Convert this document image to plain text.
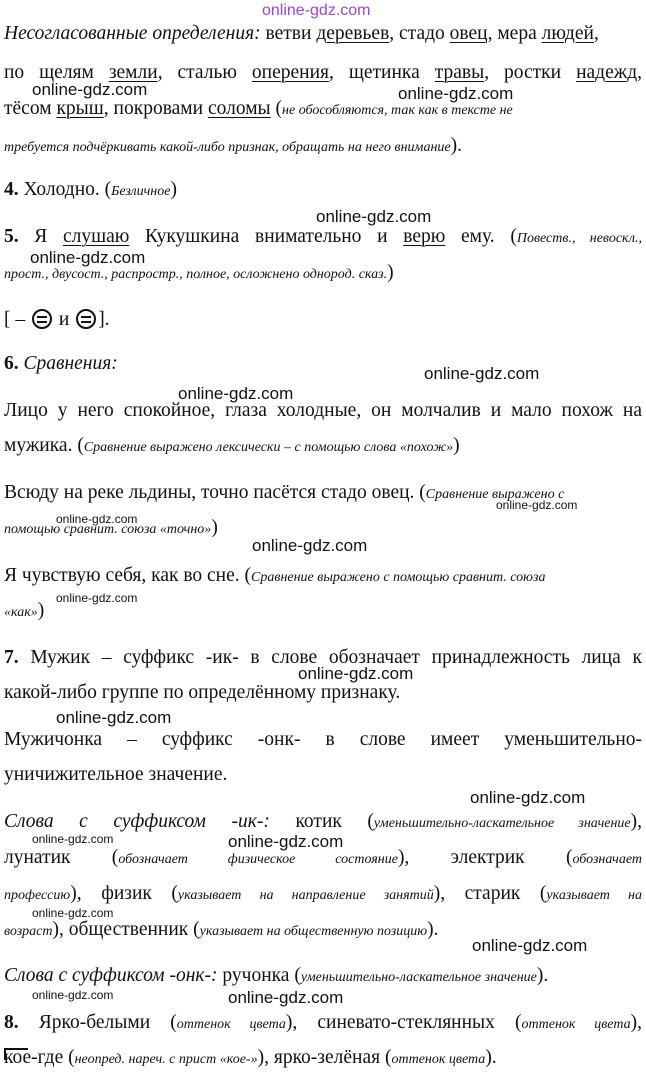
online-gdz.com
online-gdz.com	online-gdz.com
online-gdz.com
online-gdz.com
online-gdz.com
online-gdz.com
online-gdz.com
online-gdz.com
online-gdz.com
online-gdz.com
online-gdz.com
online-gdz.com
online-gdz.com
online-gdz.com	online-gdz.com
online-gdz.com
online-gdz.com
online-gdz.com	online-gdz.com
Несогласованные определения: ветви деревьев, стадо овец, мера людей,
по щелям земли, сталью оперения, щетинка травы, ростки надежд,
тёсом крыш, покровами соломы (не обособляются, так как в тексте не
требуется подчёркивать какой-либо признак, обращать на него внимание).
4. Холодно. (Безличное)
5. Я слушаю Кукушкина внимательно и верю ему. (Повеств., невоскл.,
прост., двусост., распростр., полное, осложнено однород. сказ.)
[ –  и ].
6. Сравнения:
Лицо у него спокойное, глаза холодные, он молчалив и мало похож на
мужика. (Сравнение выражено лексически – с помощью слова «похож»)
Всюду на реке льдины, точно пасётся стадо овец. (Сравнение выражено с
помощью сравнит. союза «точно»)
Я чувствую себя, как во сне. (Сравнение выражено с помощью сравнит. союза
«как»)
7. Мужик – суффикс -ик- в слове обозначает принадлежность лица к
какой-либо группе по определённому признаку.
Мужичонка – суффикс -онк- в слове имеет уменьшительно-
уничижительное значение.
Слова с суффиксом -ик-: котик (уменьшительно-ласкательное значение),
лунатик (обозначает физическое состояние), электрик (обозначает
профессию), физик (указывает на направление занятий), старик (указывает на
возраст), общественник (указывает на общественную позицию).
Слова с суффиксом -онк-: ручонка (уменьшительно-ласкательное значение).
8. Ярко-белыми (оттенок цвета), синевато-стеклянных (оттенок цвета),
кое-где (неопред. нареч. с прист «кое-»), ярко-зелёная (оттенок цвета).
